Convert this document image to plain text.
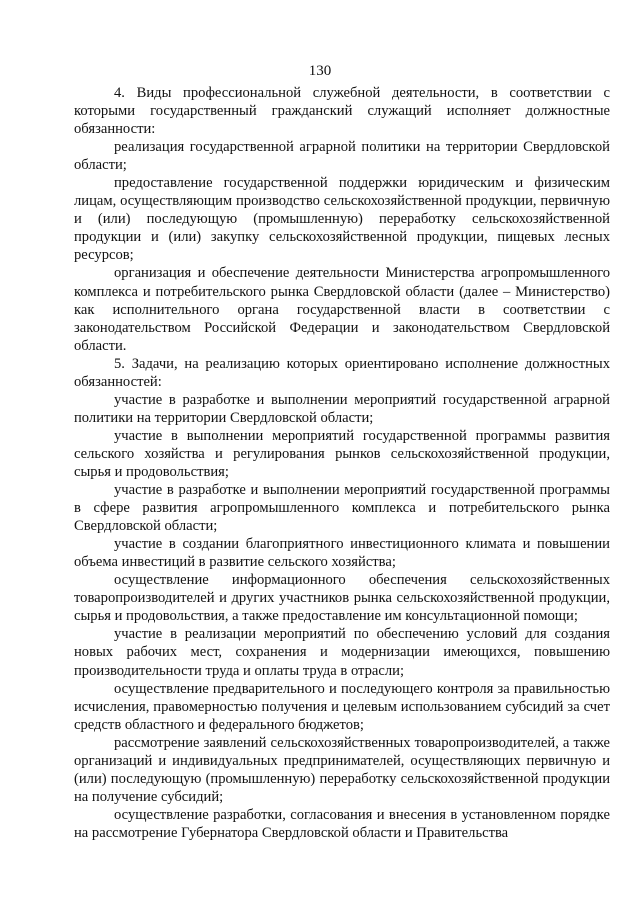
130

4. Виды профессиональной служебной деятельности, в соответствии с которыми государственный гражданский служащий исполняет должностные обязанности:

реализация государственной аграрной политики на территории Свердловской области;

предоставление государственной поддержки юридическим и физическим лицам, осуществляющим производство сельскохозяйственной продукции, первичную и (или) последующую (промышленную) переработку сельскохозяйственной продукции и (или) закупку сельскохозяйственной продукции, пищевых лесных ресурсов;

организация и обеспечение деятельности Министерства агропромышленного комплекса и потребительского рынка Свердловской области (далее – Министерство) как исполнительного органа государственной власти в соответствии с законодательством Российской Федерации и законодательством Свердловской области.

5. Задачи, на реализацию которых ориентировано исполнение должностных обязанностей:

участие в разработке и выполнении мероприятий государственной аграрной политики на территории Свердловской области;

участие в выполнении мероприятий государственной программы развития сельского хозяйства и регулирования рынков сельскохозяйственной продукции, сырья и продовольствия;

участие в разработке и выполнении мероприятий государственной программы в сфере развития агропромышленного комплекса и потребительского рынка Свердловской области;

участие в создании благоприятного инвестиционного климата и повышении объема инвестиций в развитие сельского хозяйства;

осуществление информационного обеспечения сельскохозяйственных товаропроизводителей и других участников рынка сельскохозяйственной продукции, сырья и продовольствия, а также предоставление им консультационной помощи;

участие в реализации мероприятий по обеспечению условий для создания новых рабочих мест, сохранения и модернизации имеющихся, повышению производительности труда и оплаты труда в отрасли;

осуществление предварительного и последующего контроля за правильностью исчисления, правомерностью получения и целевым использованием субсидий за счет средств областного и федерального бюджетов;

рассмотрение заявлений сельскохозяйственных товаропроизводителей, а также организаций и индивидуальных предпринимателей, осуществляющих первичную и (или) последующую (промышленную) переработку сельскохозяйственной продукции на получение субсидий;

осуществление разработки, согласования и внесения в установленном порядке на рассмотрение Губернатора Свердловской области и Правительства
